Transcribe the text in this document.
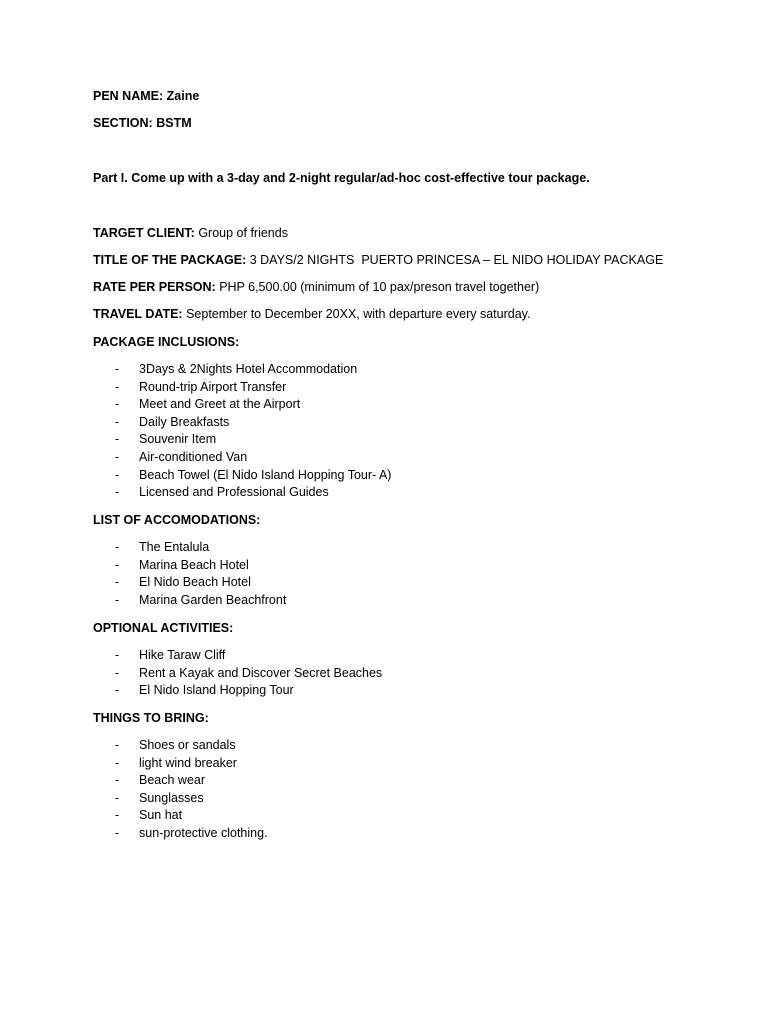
PEN NAME: Zaine
SECTION: BSTM
Part I. Come up with a 3-day and 2-night regular/ad-hoc cost-effective tour package.
TARGET CLIENT: Group of friends
TITLE OF THE PACKAGE: 3 DAYS/2 NIGHTS  PUERTO PRINCESA – EL NIDO HOLIDAY PACKAGE
RATE PER PERSON: PHP 6,500.00 (minimum of 10 pax/preson travel together)
TRAVEL DATE: September to December 20XX, with departure every saturday.
PACKAGE INCLUSIONS:
- 3Days & 2Nights Hotel Accommodation
- Round-trip Airport Transfer
- Meet and Greet at the Airport
- Daily Breakfasts
- Souvenir Item
- Air-conditioned Van
- Beach Towel (El Nido Island Hopping Tour- A)
- Licensed and Professional Guides
LIST OF ACCOMODATIONS:
- The Entalula
- Marina Beach Hotel
- El Nido Beach Hotel
- Marina Garden Beachfront
OPTIONAL ACTIVITIES:
- Hike Taraw Cliff
- Rent a Kayak and Discover Secret Beaches
- El Nido Island Hopping Tour
THINGS TO BRING:
- Shoes or sandals
- light wind breaker
- Beach wear
- Sunglasses
- Sun hat
- sun-protective clothing.
